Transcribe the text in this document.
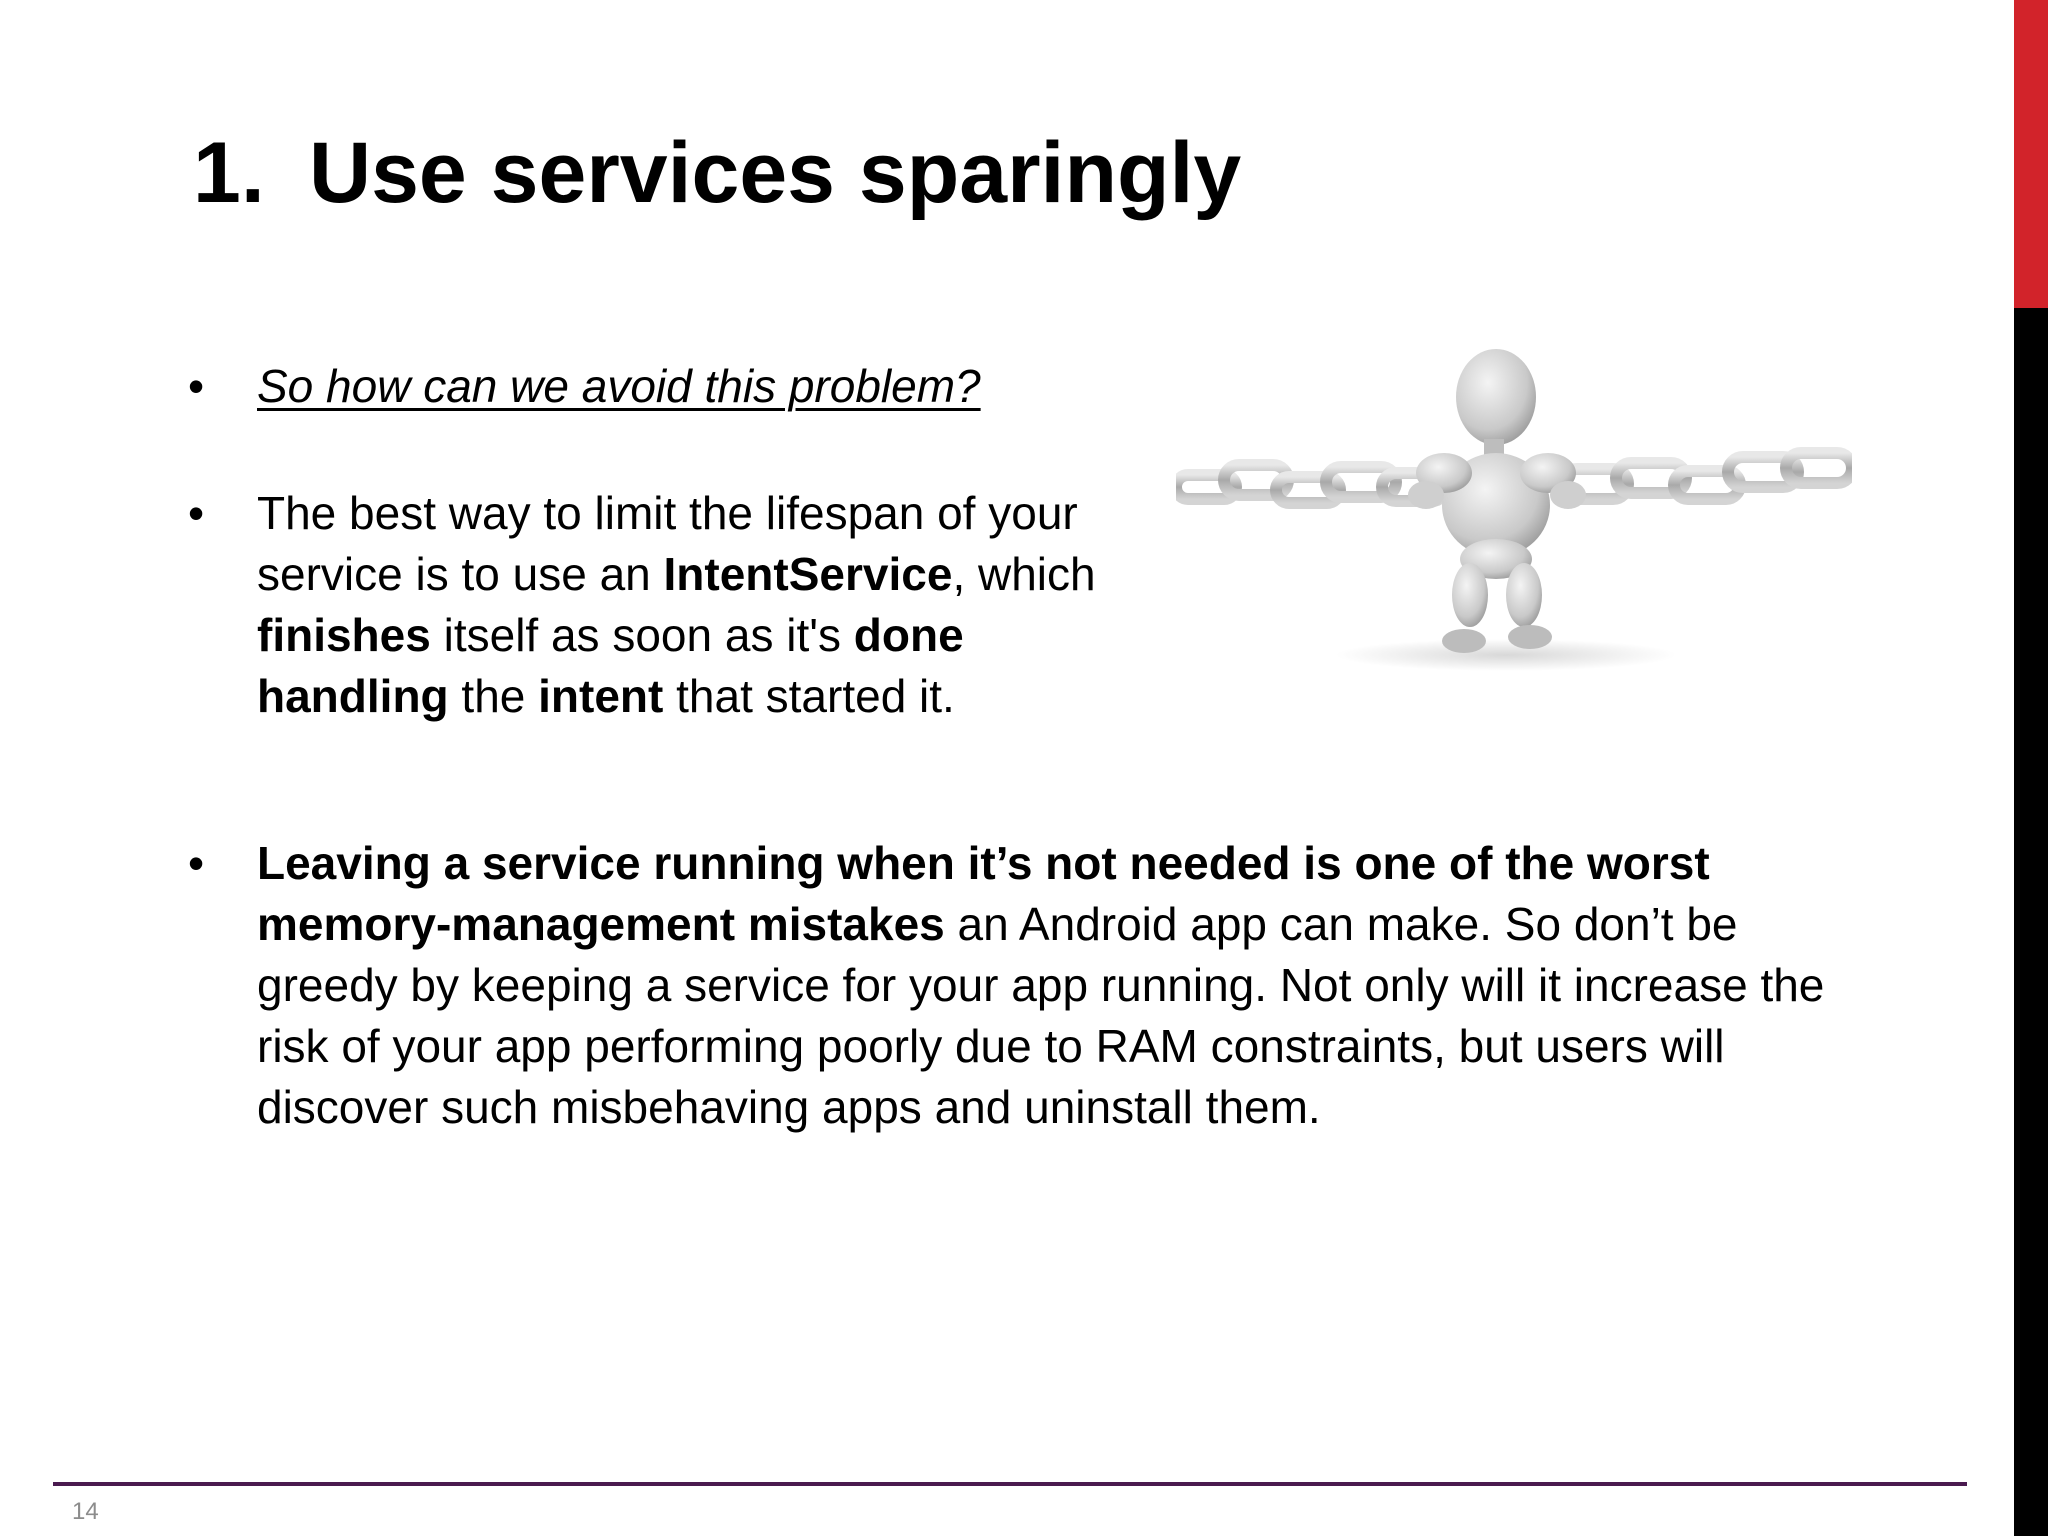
1. Use services sparingly
•	So how can we avoid this problem?
•	The best way to limit the lifespan of your service is to use an IntentService, which finishes itself as soon as it's done handling the intent that started it.
•	Leaving a service running when it’s not needed is one of the worst memory-management mistakes an Android app can make. So don’t be greedy by keeping a service for your app running. Not only will it increase the risk of your app performing poorly due to RAM constraints, but users will discover such misbehaving apps and uninstall them.
14
